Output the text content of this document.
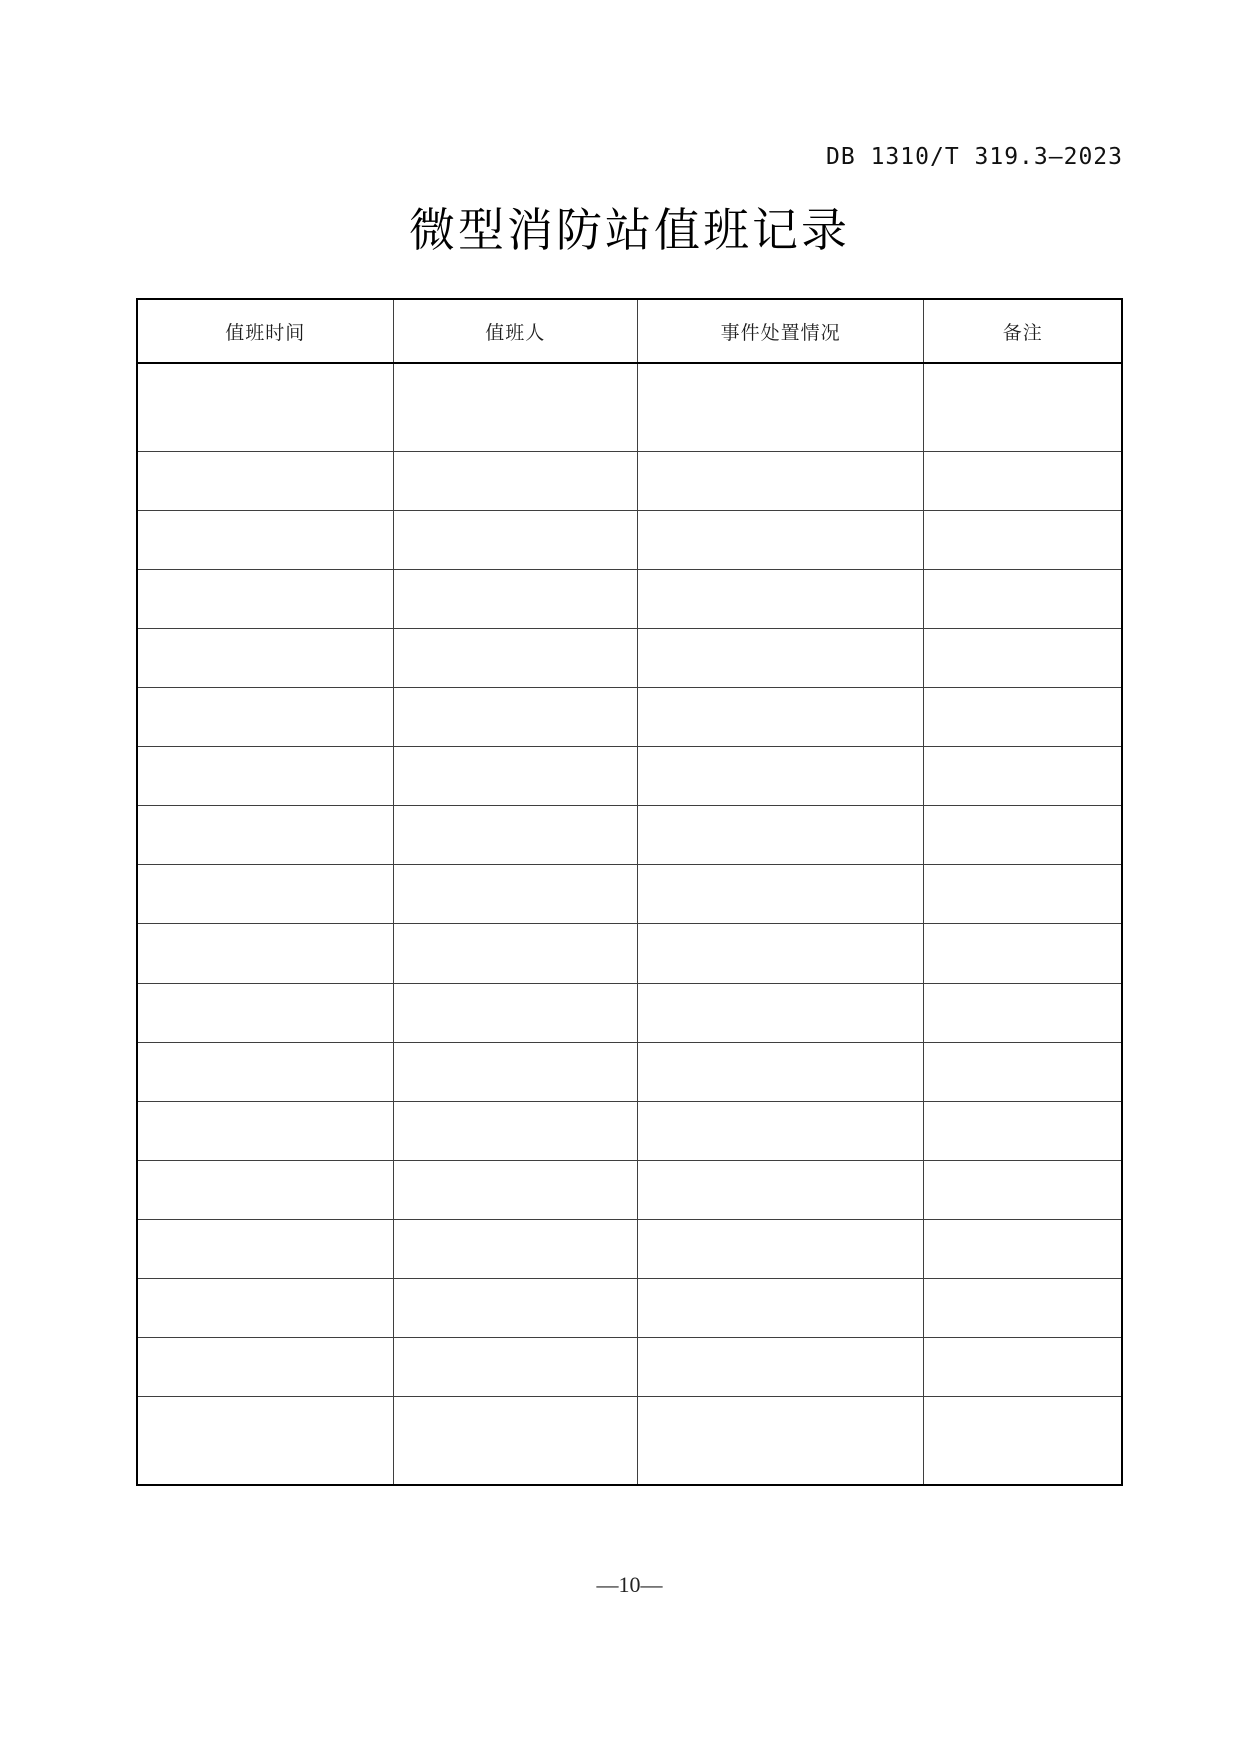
DB 1310/T 319.3—2023
微型消防站值班记录
值班时间	值班人	事件处置情况	备注

—10—
